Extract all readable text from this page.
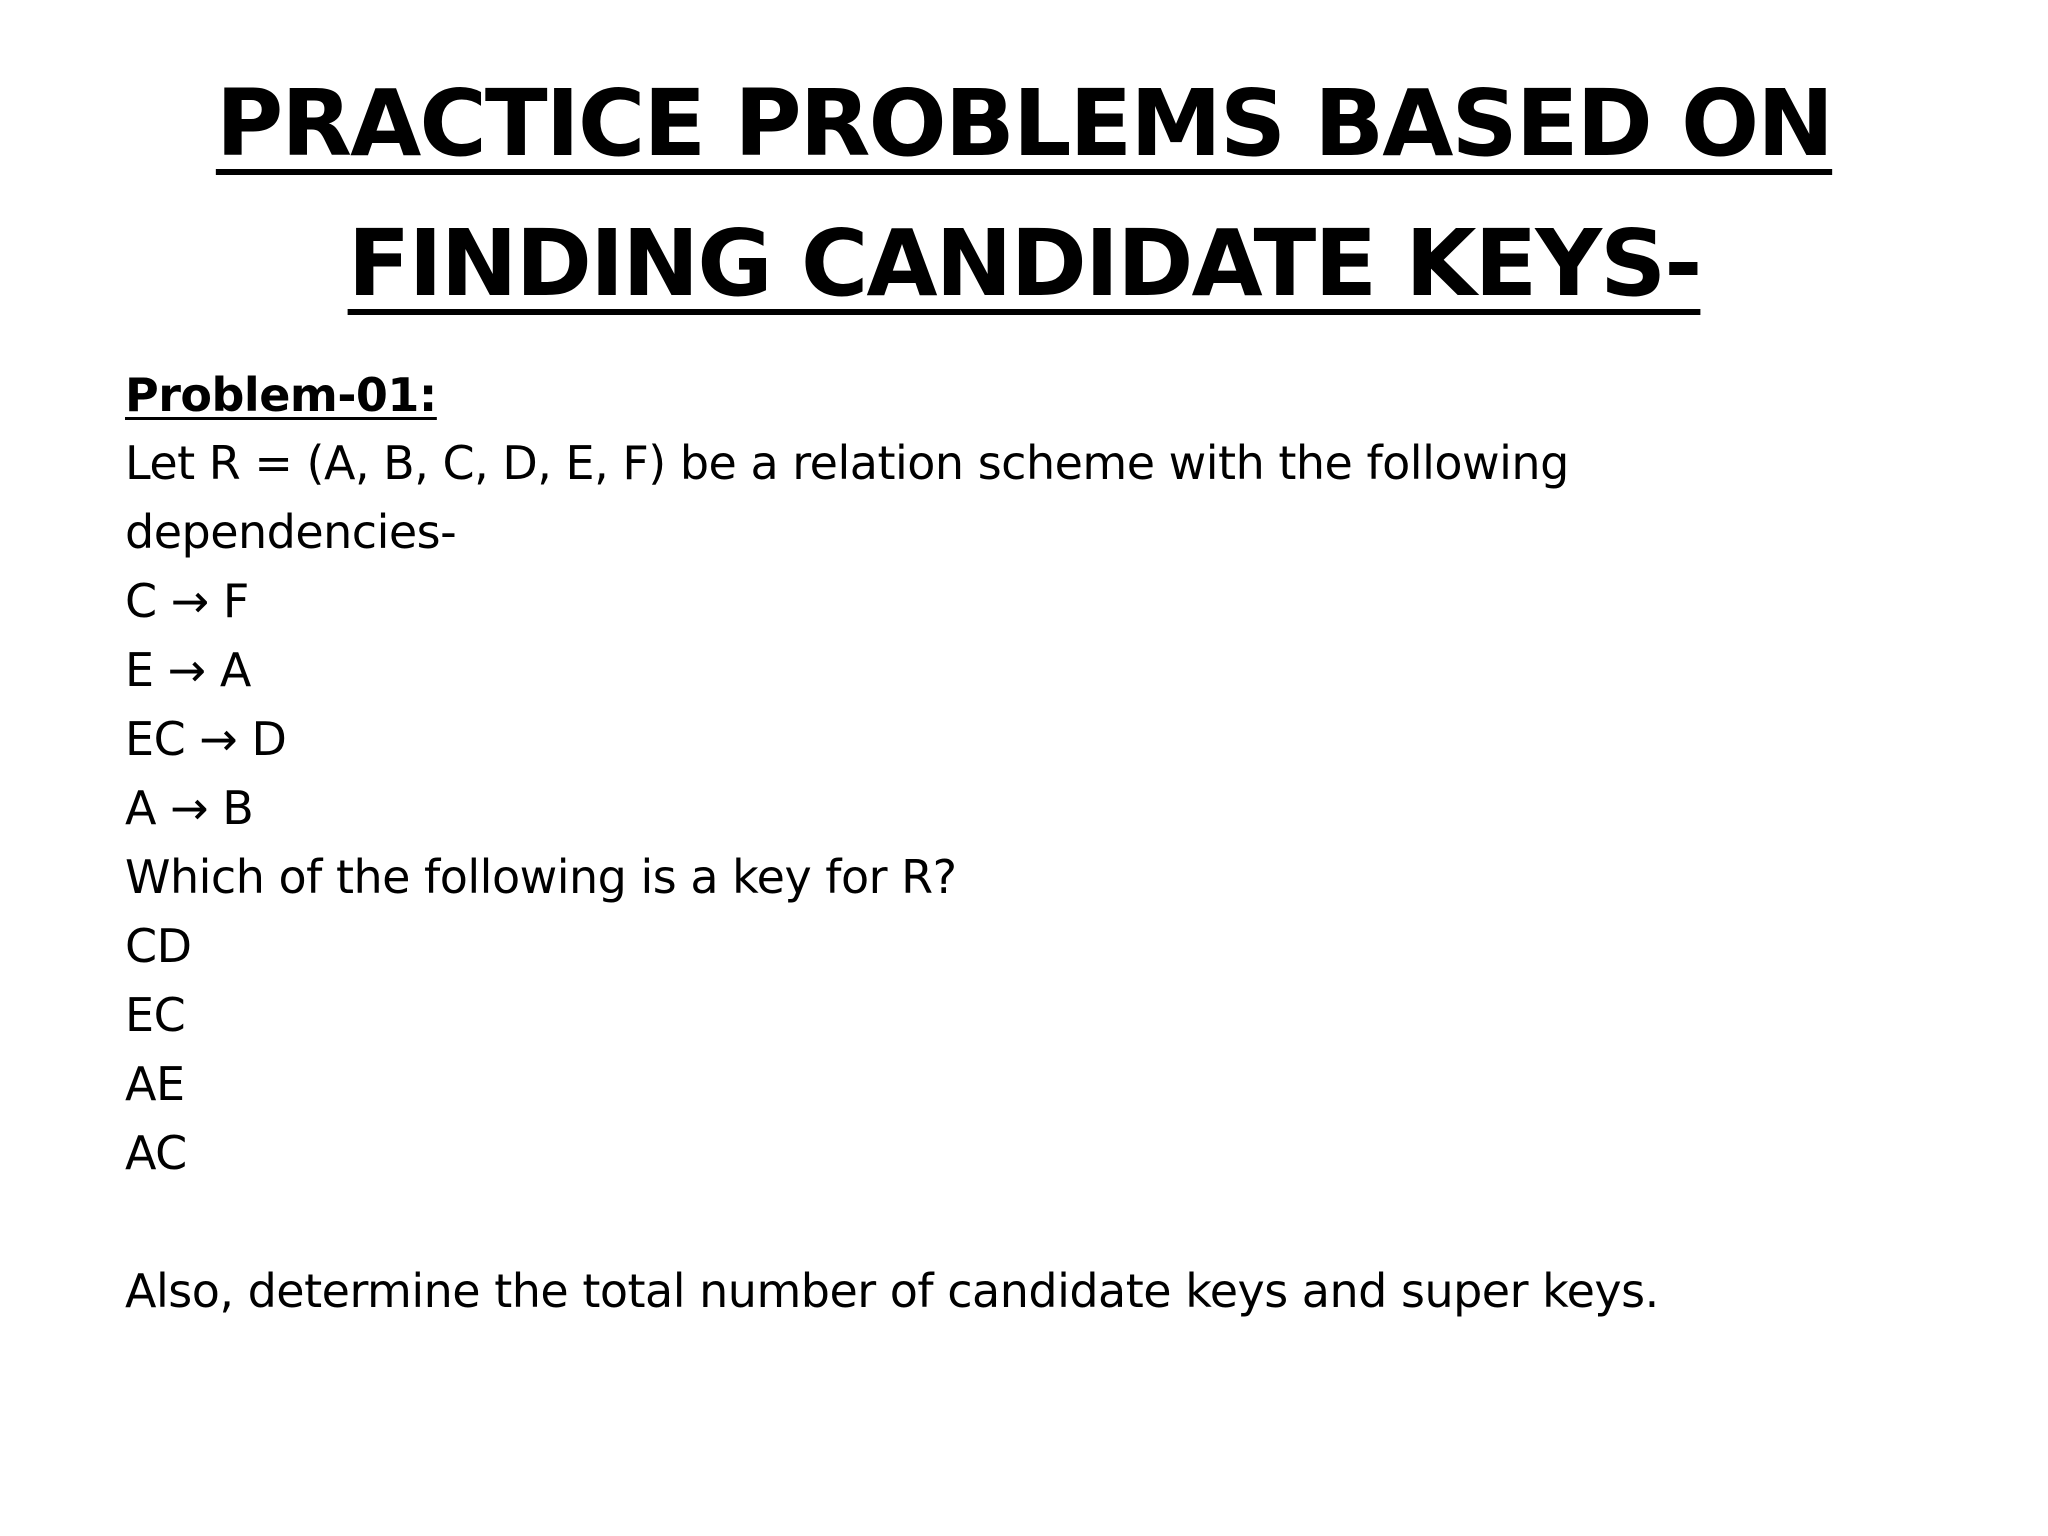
PRACTICE PROBLEMS BASED ON
FINDING CANDIDATE KEYS-

Problem-01:

Let R = (A, B, C, D, E, F) be a relation scheme with the following

dependencies-

C → F

E → A

EC → D

A → B

Which of the following is a key for R?

CD

EC

AE

AC

Also, determine the total number of candidate keys and super keys.
